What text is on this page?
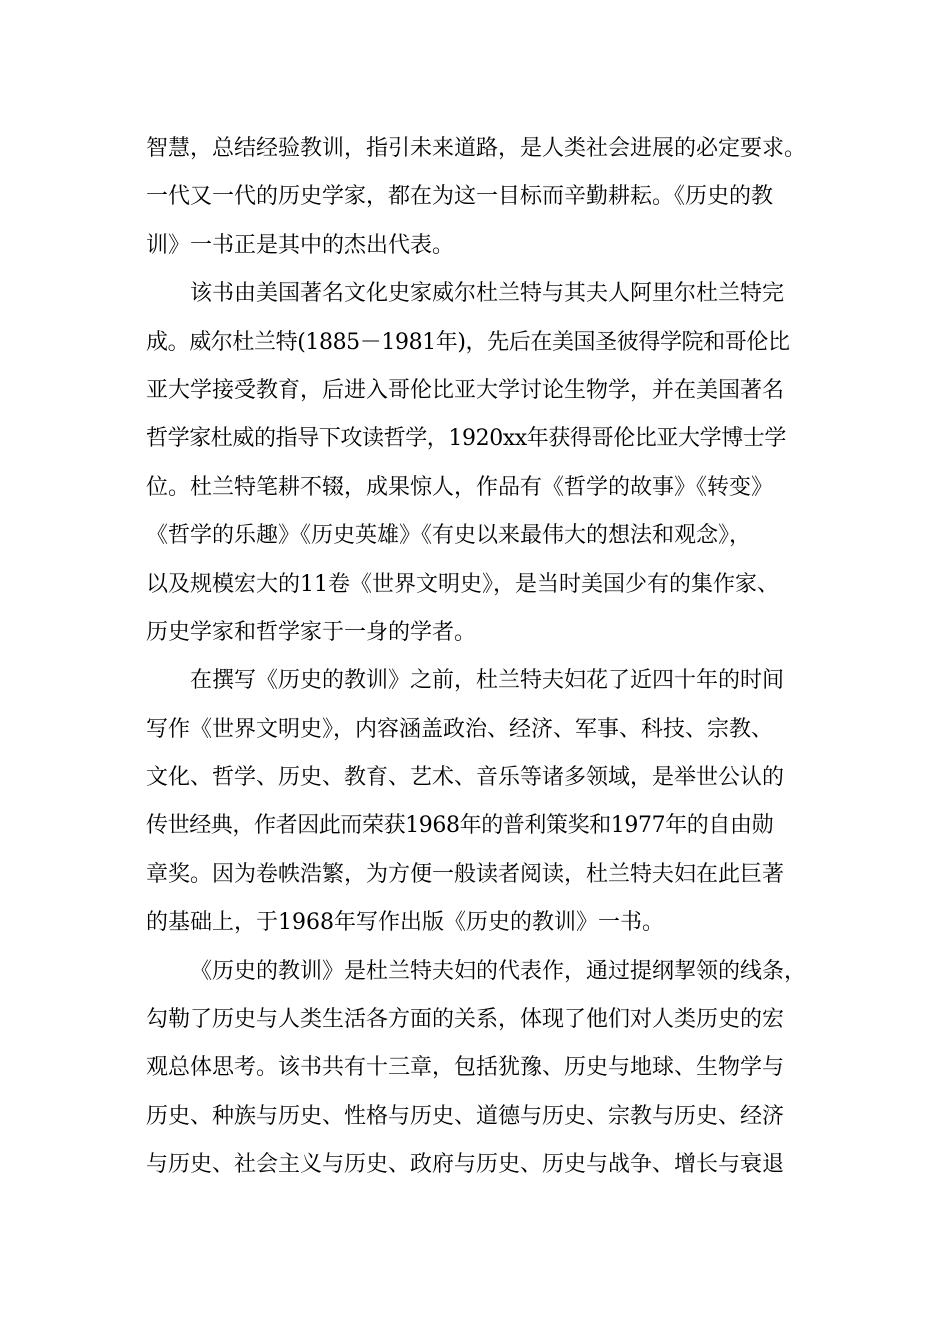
智慧，总结经验教训，指引未来道路，是人类社会进展的必定要求。
一代又一代的历史学家，都在为这一目标而辛勤耕耘。《历史的教
训》一书正是其中的杰出代表。
该书由美国著名文化史家威尔杜兰特与其夫人阿里尔杜兰特完
成。威尔杜兰特(1885－1981年)，先后在美国圣彼得学院和哥伦比
亚大学接受教育，后进入哥伦比亚大学讨论生物学，并在美国著名
哲学家杜威的指导下攻读哲学，1920xx年获得哥伦比亚大学博士学
位。杜兰特笔耕不辍，成果惊人，作品有《哲学的故事》《转变》
《哲学的乐趣》《历史英雄》《有史以来最伟大的想法和观念》，
以及规模宏大的11卷《世界文明史》，是当时美国少有的集作家、
历史学家和哲学家于一身的学者。
在撰写《历史的教训》之前，杜兰特夫妇花了近四十年的时间
写作《世界文明史》，内容涵盖政治、经济、军事、科技、宗教、
文化、哲学、历史、教育、艺术、音乐等诸多领域，是举世公认的
传世经典，作者因此而荣获1968年的普利策奖和1977年的自由勋
章奖。因为卷帙浩繁，为方便一般读者阅读，杜兰特夫妇在此巨著
的基础上，于1968年写作出版《历史的教训》一书。
《历史的教训》是杜兰特夫妇的代表作，通过提纲挈领的线条，
勾勒了历史与人类生活各方面的关系，体现了他们对人类历史的宏
观总体思考。该书共有十三章，包括犹豫、历史与地球、生物学与
历史、种族与历史、性格与历史、道德与历史、宗教与历史、经济
与历史、社会主义与历史、政府与历史、历史与战争、增长与衰退
